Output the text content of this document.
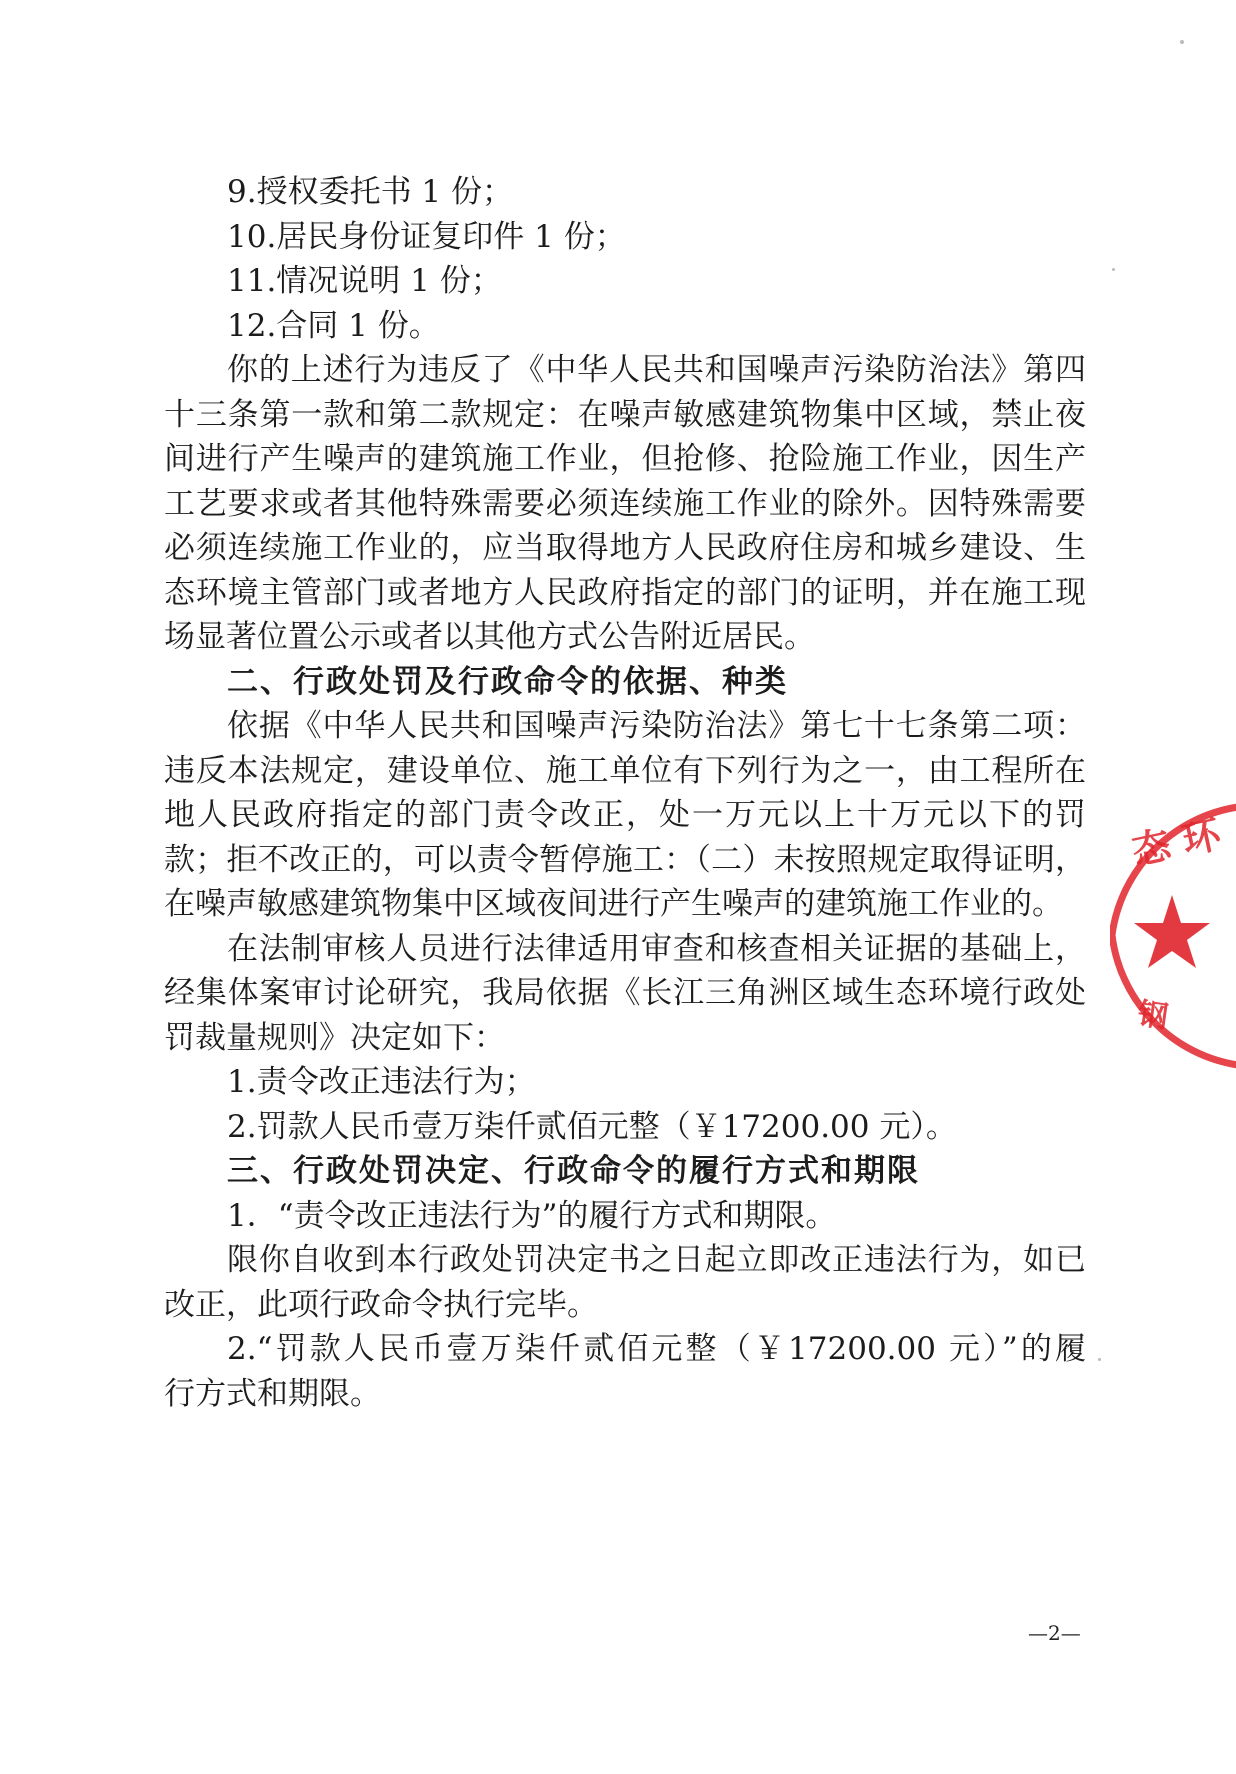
9.授权委托书 1 份；
10.居民身份证复印件 1 份；
11.情况说明 1 份；
12.合同 1 份。
你的上述行为违反了《中华人民共和国噪声污染防治法》第四
十三条第一款和第二款规定：在噪声敏感建筑物集中区域，禁止夜
间进行产生噪声的建筑施工作业，但抢修、抢险施工作业，因生产
工艺要求或者其他特殊需要必须连续施工作业的除外。因特殊需要
必须连续施工作业的，应当取得地方人民政府住房和城乡建设、生
态环境主管部门或者地方人民政府指定的部门的证明，并在施工现
场显著位置公示或者以其他方式公告附近居民。
二、行政处罚及行政命令的依据、种类
依据《中华人民共和国噪声污染防治法》第七十七条第二项：
违反本法规定，建设单位、施工单位有下列行为之一，由工程所在
地人民政府指定的部门责令改正，处一万元以上十万元以下的罚
款；拒不改正的，可以责令暂停施工：（二）未按照规定取得证明，
在噪声敏感建筑物集中区域夜间进行产生噪声的建筑施工作业的。
在法制审核人员进行法律适用审查和核查相关证据的基础上，
经集体案审讨论研究，我局依据《长江三角洲区域生态环境行政处
罚裁量规则》决定如下：
1.责令改正违法行为；
2.罚款人民币壹万柒仟贰佰元整（￥17200.00 元）。
三、行政处罚决定、行政命令的履行方式和期限
1．“责令改正违法行为”的履行方式和期限。
限你自收到本行政处罚决定书之日起立即改正违法行为，如已
改正，此项行政命令执行完毕。
2.“罚款人民币壹万柒仟贰佰元整（￥17200.00 元）”的履
行方式和期限。
—2—
态 环
钢
